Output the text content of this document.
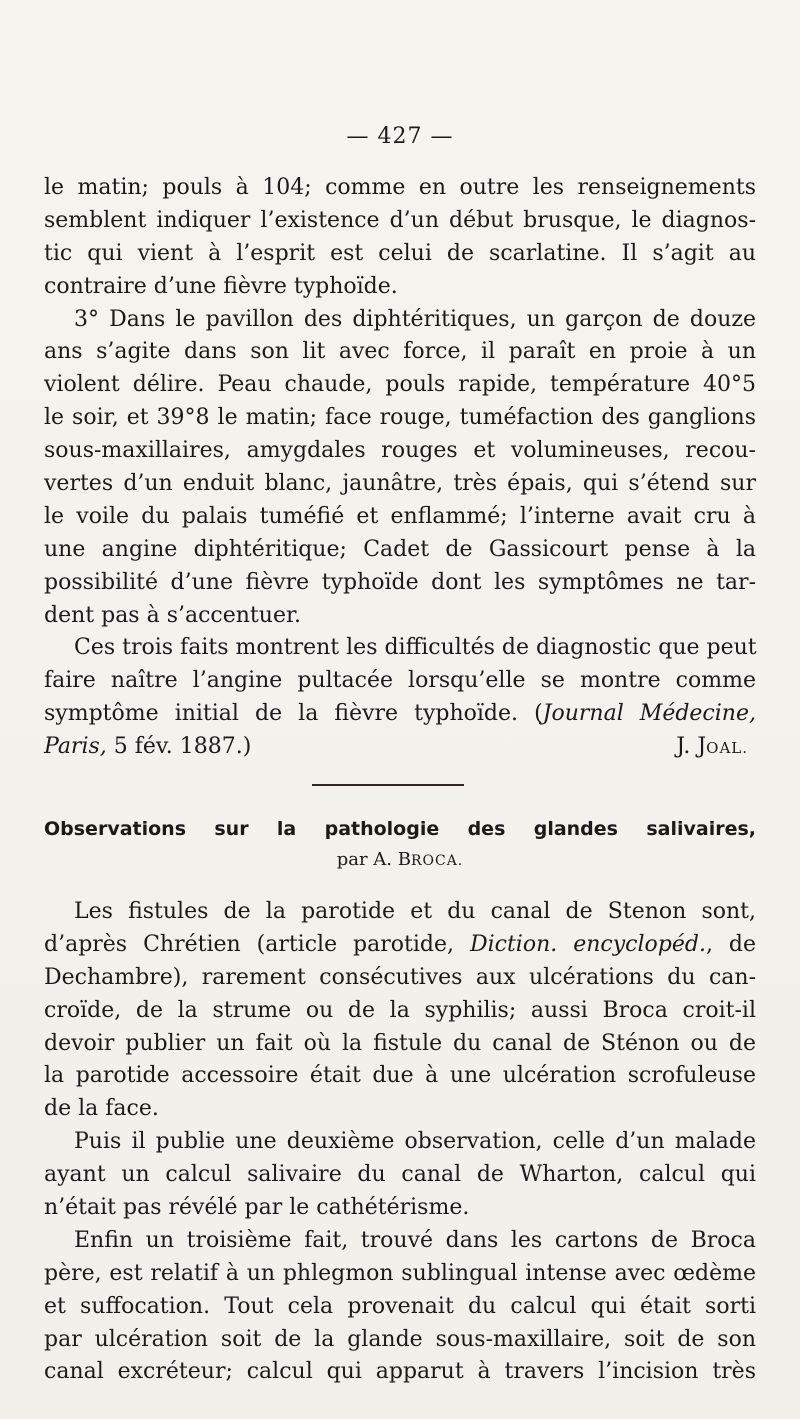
— 427 —
le matin; pouls à 104; comme en outre les renseignements
semblent indiquer l’existence d’un début brusque, le diagnos-
tic qui vient à l’esprit est celui de scarlatine. Il s’agit au
contraire d’une fièvre typhoïde.
3° Dans le pavillon des diphtéritiques, un garçon de douze
ans s’agite dans son lit avec force, il paraît en proie à un
violent délire. Peau chaude, pouls rapide, température 40°5
le soir, et 39°8 le matin; face rouge, tuméfaction des ganglions
sous-maxillaires, amygdales rouges et volumineuses, recou-
vertes d’un enduit blanc, jaunâtre, très épais, qui s’étend sur
le voile du palais tuméfié et enflammé; l’interne avait cru à
une angine diphtéritique; Cadet de Gassicourt pense à la
possibilité d’une fièvre typhoïde dont les symptômes ne tar-
dent pas à s’accentuer.
Ces trois faits montrent les difficultés de diagnostic que peut
faire naître l’angine pultacée lorsqu’elle se montre comme
symptôme initial de la fièvre typhoïde. (Journal Médecine,
Paris, 5 fév. 1887.)	J. JOAL.
Observations sur la pathologie des glandes salivaires,
par A. BROCA.
Les fistules de la parotide et du canal de Stenon sont,
d’après Chrétien (article parotide, Diction. encyclopéd., de
Dechambre), rarement consécutives aux ulcérations du can-
croïde, de la strume ou de la syphilis; aussi Broca croit-il
devoir publier un fait où la fistule du canal de Sténon ou de
la parotide accessoire était due à une ulcération scrofuleuse
de la face.
Puis il publie une deuxième observation, celle d’un malade
ayant un calcul salivaire du canal de Wharton, calcul qui
n’était pas révélé par le cathétérisme.
Enfin un troisième fait, trouvé dans les cartons de Broca
père, est relatif à un phlegmon sublingual intense avec œdème
et suffocation. Tout cela provenait du calcul qui était sorti
par ulcération soit de la glande sous-maxillaire, soit de son
canal excréteur; calcul qui apparut à travers l’incision très
